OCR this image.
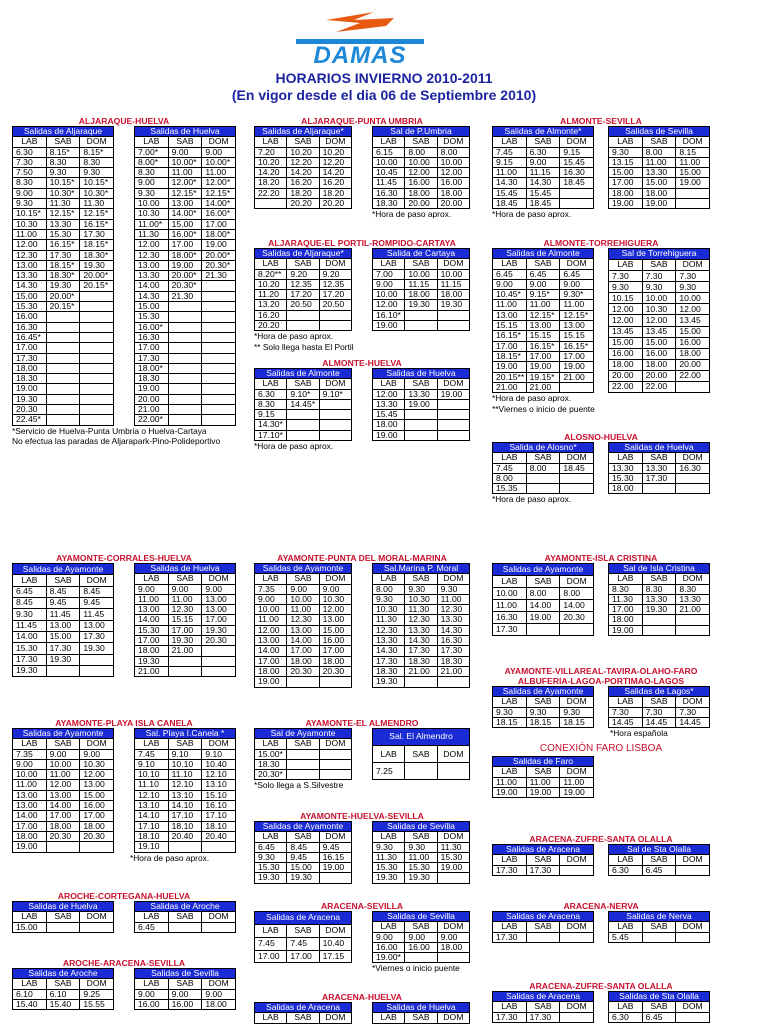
DAMAS
HORARIOS INVIERNO 2010-2011
(En vigor desde el dia 06 de Septiembre 2010)
ALJARAQUE-HUELVA
Salidas de Aljaraque		
LAB	SAB	DOM
6.30	8.15*	8.15*
7.30	8.30	8.30
7.50	9.30	9.30
8.30	10.15*	10.15*
9.00	10.30*	10.30*
9.30	11.30	11.30
10.15*	12.15*	12.15*
10.30	13.30	16.15*
11.00	15.30	17.30
12.00	16.15*	18.15*
12.30	17.30	18.30*
13.00	18.15*	19.30
13.30	18.30*	20.00*
14.30	19.30	20.15*
15.00	20.00*	
15.30	20.15*	
16.00		
16.30		
16.45*		
17.00		
17.30		
18.00		
18.30		
19.00		
19.30		
20.30		
22.45*		
Salidas de Huelva		
LAB	SAB	DOM
7.00*	9.00	9.00
8.00*	10.00*	10.00*
8.30	11.00	11.00
9.00	12.00*	12.00*
9.30	12.15*	12.15*
10.00	13.00	14.00*
10.30	14.00*	16.00*
11.00*	15.00	17.00
11.30	16.00*	18.00*
12.00	17.00	19.00
12.30	18.00*	20.00*
13.00	19.00	20.30*
13.30	20.00*	21.30
14.00	20.30*	
14.30	21.30	
15.00		
15.30		
16.00*		
16.30		
17.00		
17.30		
18.00*		
18.30		
19.00		
20.00		
21.00		
22.00*		
*Servicio de Huelva-Punta Umbria o Huelva-Cartaya
No efectua las paradas de Aljarapark-Pino-Polideportivo
ALJARAQUE-PUNTA UMBRIA
Salidas de Aljaraque*		
LAB	SAB	DOM
7.20	10.20	10.20
10.20	12.20	12.20
14.20	14.20	14.20
18.20	16.20	16.20
22.20	18.20	18.20
	20.20	20.20
Sal de P.Umbria		
LAB	SAB	DOM
6.15	8.00	8.00
10.00	10.00	10.00
10.45	12.00	12.00
11.45	16.00	16.00
16.30	18.00	18.00
18.30	20.00	20.00
*Hora de paso aprox.
ALJARAQUE-EL PORTIL-ROMPIDO-CARTAYA
Salidas de Aljaraque*		
LAB	SAB	DOM
8.20**	9.20	9.20
10.20	12.35	12.35
11.20	17.20	17.20
13.20	20.50	20.50
16.20		
20.20		
Salida de Cartaya		
LAB	SAB	DOM
7.00	10.00	10.00
9.00	11.15	11.15
10.00	18.00	18.00
12.00	19.30	19.30
16.10*		
19.00		
*Hora de paso aprox.
** Solo llega hasta El Portil
ALMONTE-HUELVA
Salidas de Almonte		
LAB	SAB	DOM
6.30	9.10*	9.10*
8.30	14.45*	
9.15		
14.30*		
17.10*		
Salidas de Huelva		
LAB	SAB	DOM
12.00	13.30	19.00
13.30	19.00	
15.45		
18.00		
19.00		
*Hora de paso aprox.
ALMONTE-SEVILLA
Salidas de Almonte*		
LAB	SAB	DOM
7.45	6.30	9.15
9.15	9.00	15.45
11.00	11.15	16.30
14.30	14.30	18.45
15.45	15.45	
18.45	18.45	
Salidas de Sevilla		
LAB	SAB	DOM
9.30	8.00	8.15
13.15	11.00	11.00
15.00	13.30	15.00
17.00	15.00	19.00
18.00	18.00	
19.00	19.00	
*Hora de paso aprox.
ALMONTE-TORREHIGUERA
Salidas de Almonte		
LAB	SAB	DOM
6.45	6.45	6.45
9.00	9.00	9.00
10.45*	9.15*	9.30*
11.00	11.00	11.00
13.00	12.15*	12.15*
15.15	13.00	13.00
16.15*	15.15	15.15
17.00	16.15*	16.15*
18.15*	17.00	17.00
19.00	19.00	19.00
20.15**	19.15*	21.00
21.00	21.00	
Sal de Torrehiguera		
LAB	SAB	DOM
7.30	7.30	7.30
9.30	9.30	9.30
10.15	10.00	10.00
12.00	10.30	12.00
12.00	12.00	13.45
13.45	13.45	15.00
15.00	15.00	16.00
16.00	16.00	18.00
18.00	18.00	20.00
20.00	20.00	22.00
22.00	22.00	
*Hora de paso aprox.
**Viernes o inicio de puente
ALOSNO-HUELVA
Salida de Alosno*		
LAB	SAB	DOM
7.45	8.00	18.45
8.00		
15.35		
Salidas de Huelva		
LAB	SAB	DOM
13.30	13.30	16.30
15.30	17.30	
18.00		
*Hora de paso aprox.
AYAMONTE-CORRALES-HUELVA
Salidas de Ayamonte		
LAB	SAB	DOM
6.45	8.45	8.45
8.45	9.45	9.45
9.30	11.45	11.45
11.45	13.00	13.00
14.00	15.00	17.30
15.30	17.30	19.30
17.30	19.30	
19.30		
Salidas de Huelva		
LAB	SAB	DOM
9.00	9.00	9.00
11.00	11.00	13.00
13.00	12.30	13.00
14.00	15.15	17.00
15.30	17.00	19.30
17.00	19.30	20.30
18.00	21.00	
19.30		
21.00		
AYAMONTE-PUNTA DEL MORAL-MARINA
Salidas de Ayamonte		
LAB	SAB	DOM
7.35	9.00	9.00
9.00	10.00	10.30
10.00	11.00	12.00
11.00	12.30	13.00
12.00	13.00	15.00
13.00	14.00	16.00
14.00	17.00	17.00
17.00	18.00	18.00
18.00	20.30	20.30
19.00		
Sal.Marina P. Moral		
LAB	SAB	DOM
8.00	9.30	9.30
9.30	10.30	11.00
10.30	11.30	12.30
11.30	12.30	13.30
12.30	13.30	14.30
13.30	14.30	16.30
14.30	17.30	17.30
17.30	18.30	18.30
18.30	21.00	21.00
19.30		
AYAMONTE-ISLA CRISTINA
Salidas de Ayamonte		
LAB	SAB	DOM
10.00	8.00	8.00
11.00	14.00	14.00
16.30	19.00	20.30
17.30		
Sal de Isla Cristina		
LAB	SAB	DOM
8.30	8.30	8.30
11.30	13.30	13.30
17.00	19.30	21.00
18.00		
19.00		
AYAMONTE-VILLAREAL-TAVIRA-OLAHO-FARO
ALBUFERIA-LAGOA-PORTIMAO-LAGOS
Salidas de Ayamonte		
LAB	SAB	DOM
9.30	9.30	9.30
18.15	18.15	18.15
Salidas de Lagos*		
LAB	SAB	DOM
7.30	7.30	7.30
14.45	14.45	14.45
*Hora española
CONEXIÓN FARO LISBOA
Salidas de Faro		
LAB	SAB	DOM
11.00	11.00	11.00
19.00	19.00	19.00
AYAMONTE-PLAYA ISLA CANELA
Salidas de Ayamonte		
LAB	SAB	DOM
7.35	9.00	9.00
9.00	10.00	10.30
10.00	11.00	12.00
11.00	12.00	13.00
13.00	13.00	15.00
13.00	14.00	16.00
14.00	17.00	17.00
17.00	18.00	18.00
18.00	20.30	20.30
19.00		
Sal. Playa I.Canela *		
LAB	SAB	DOM
7.45	9.10	9.10
9.10	10.10	10.40
10.10	11.10	12.10
11.10	12.10	13.10
12.10	13.10	15.10
13.10	14.10	16.10
14.10	17.10	17.10
17.10	18.10	18.10
18.10	20.40	20.40
19.10		
*Hora de paso aprox.
AYAMONTE-EL ALMENDRO
Sal de Ayamonte		
LAB	SAB	DOM
15.00*		
18.30		
20.30*		
Sal. El Almendro		
LAB	SAB	DOM
7.25		
*Solo llega a S.Silvestre
AYAMONTE-HUELVA-SEVILLA
Salidas de Ayamonte		
LAB	SAB	DOM
6.45	8.45	9.45
9.30	9.45	16.15
15.30	15.00	19.00
19.30	19.30	
Salidas de Sevilla		
LAB	SAB	DOM
9.30	9.30	11.30
11.30	11.00	15.30
15.30	15.30	19.00
19.30	19.30	
ARACENA-ZUFRE-SANTA OLALLA
Salidas de Aracena		
LAB	SAB	DOM
17.30	17.30	
Sal de Sta Olalla		
LAB	SAB	DOM
6.30	6.45	
AROCHE-CORTEGANA-HUELVA
Salidas de Huelva		
LAB	SAB	DOM
15.00		
Salidas de Aroche		
LAB	SAB	DOM
6.45		
ARACENA-SEVILLA
Salidas de Aracena		
LAB	SAB	DOM
7.45	7.45	10.40
17.00	17.00	17.15
Salidas de Sevilla		
LAB	SAB	DOM
9.00	9.00	9.00
16.00	16.00	18.00
19.00*		
*Viernes o inicio puente
ARACENA-NERVA
Salidas de Aracena		
LAB	SAB	DOM
17.30		
Salidas de Nerva		
LAB	SAB	DOM
5.45		
AROCHE-ARACENA-SEVILLA
Salidas de Aroche		
LAB	SAB	DOM
6.10	6.10	9.25
15.40	15.40	15.55
Salidas de Sevilla		
LAB	SAB	DOM
9.00	9.00	9.00
16.00	16.00	18.00
ARACENA-HUELVA
Salidas de Aracena		
LAB	SAB	DOM

Salidas de Huelva		
LAB	SAB	DOM

ARACENA-ZUFRE-SANTA OLALLA
Salidas de Aracena		
LAB	SAB	DOM
17.30	17.30	
Salidas de Sta Olalla		
LAB	SAB	DOM
6.30	6.45	
